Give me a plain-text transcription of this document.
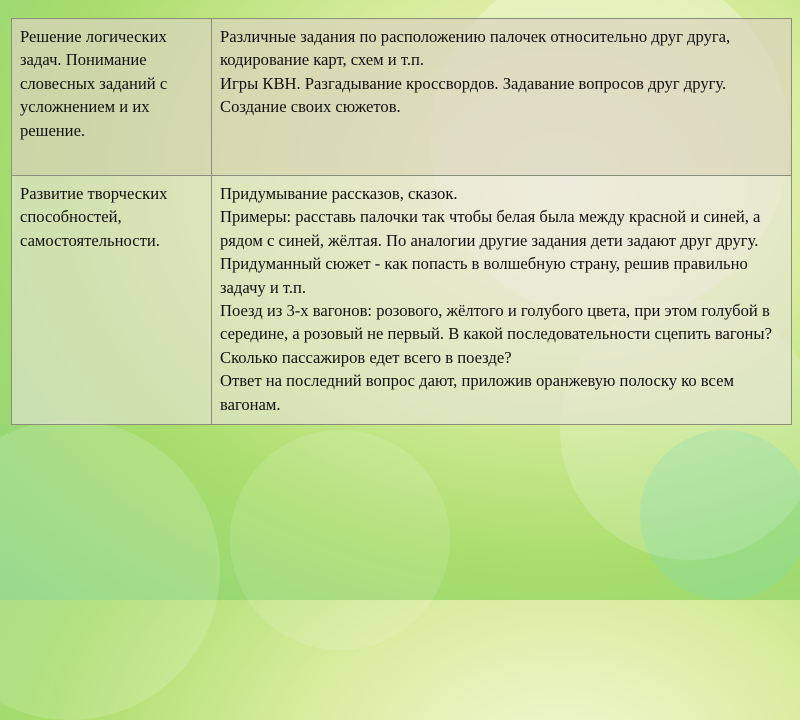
Решение логических задач. Понимание словесных заданий с усложнением и их решение.	Различные задания по расположению палочек относительно друг друга, кодирование карт, схем и т.п.
Игры КВН. Разгадывание кроссвордов. Задавание вопросов друг другу. Создание своих сюжетов.

Развитие творческих способностей, самостоятельности.	Придумывание рассказов, сказок.
Примеры: расставь палочки так чтобы белая была между красной и синей, а рядом с синей, жёлтая. По аналогии другие задания дети задают друг другу.
Придуманный сюжет - как попасть в волшебную страну, решив правильно задачу и т.п.
Поезд из 3-х вагонов: розового, жёлтого и голубого цвета, при этом голубой в середине, а розовый не первый. В какой последовательности сцепить вагоны? Сколько пассажиров едет всего в поезде?
Ответ на последний вопрос дают, приложив оранжевую полоску ко всем вагонам.
